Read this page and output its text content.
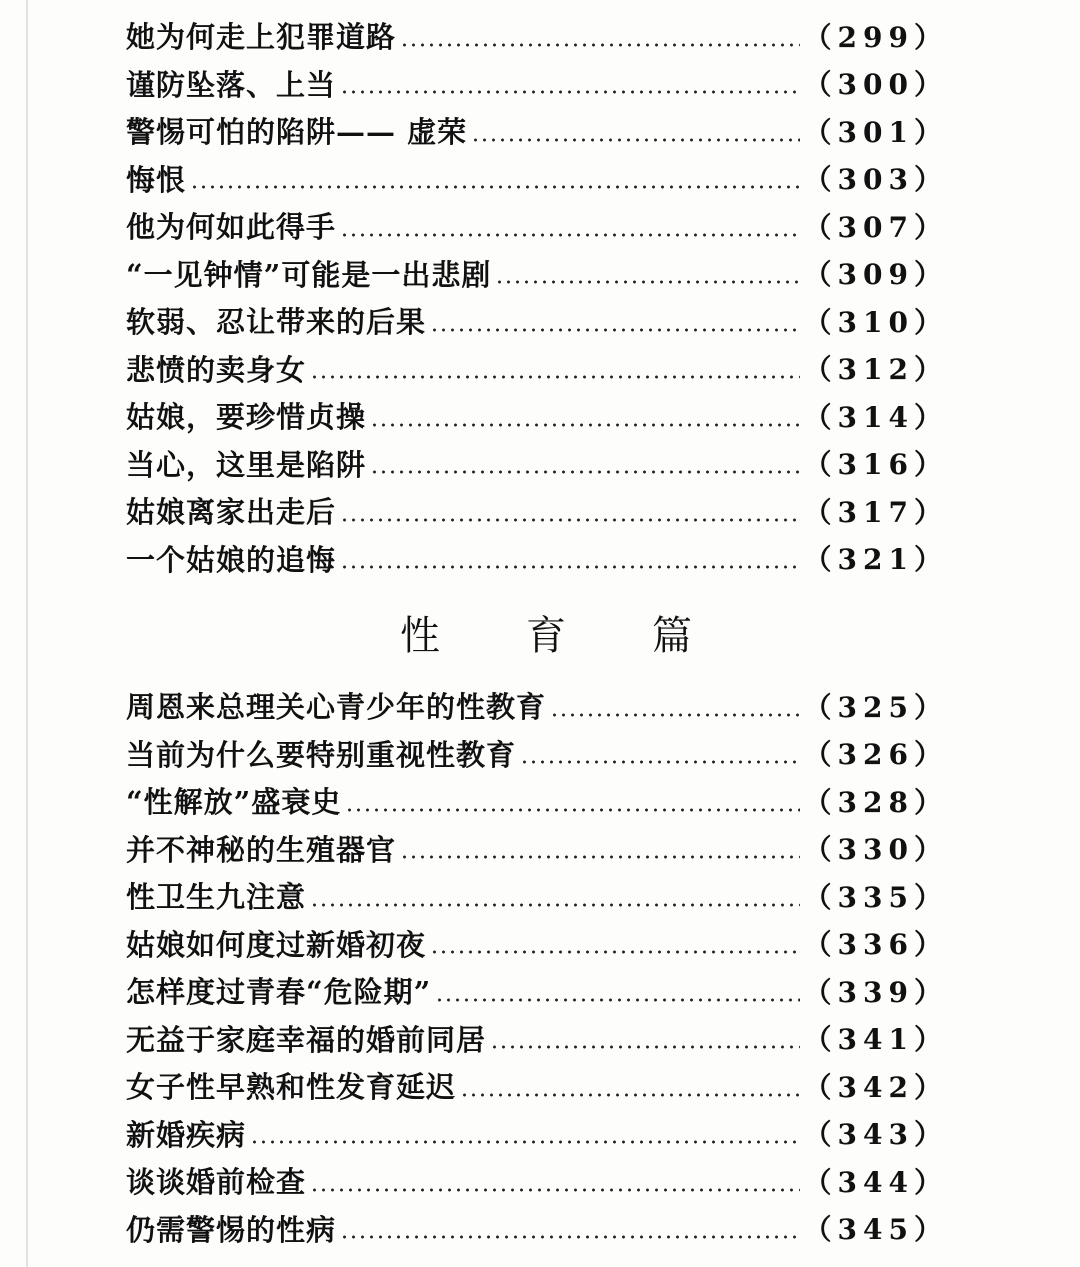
她为何走上犯罪道路	（299）
谨防坠落、上当	（300）
警惕可怕的陷阱—— 虚荣	（301）
悔恨	（303）
他为何如此得手	（307）
“一见钟情”可能是一出悲剧	（309）
软弱、忍让带来的后果	（310）
悲愤的卖身女	（312）
姑娘，要珍惜贞操	（314）
当心，这里是陷阱	（316）
姑娘离家出走后	（317）
一个姑娘的追悔	（321）
性育篇
周恩来总理关心青少年的性教育	（325）
当前为什么要特别重视性教育	（326）
“性解放”盛衰史	（328）
并不神秘的生殖器官	（330）
性卫生九注意	（335）
姑娘如何度过新婚初夜	（336）
怎样度过青春“危险期”	（339）
无益于家庭幸福的婚前同居	（341）
女子性早熟和性发育延迟	（342）
新婚疾病	（343）
谈谈婚前检查	（344）
仍需警惕的性病	（345）
